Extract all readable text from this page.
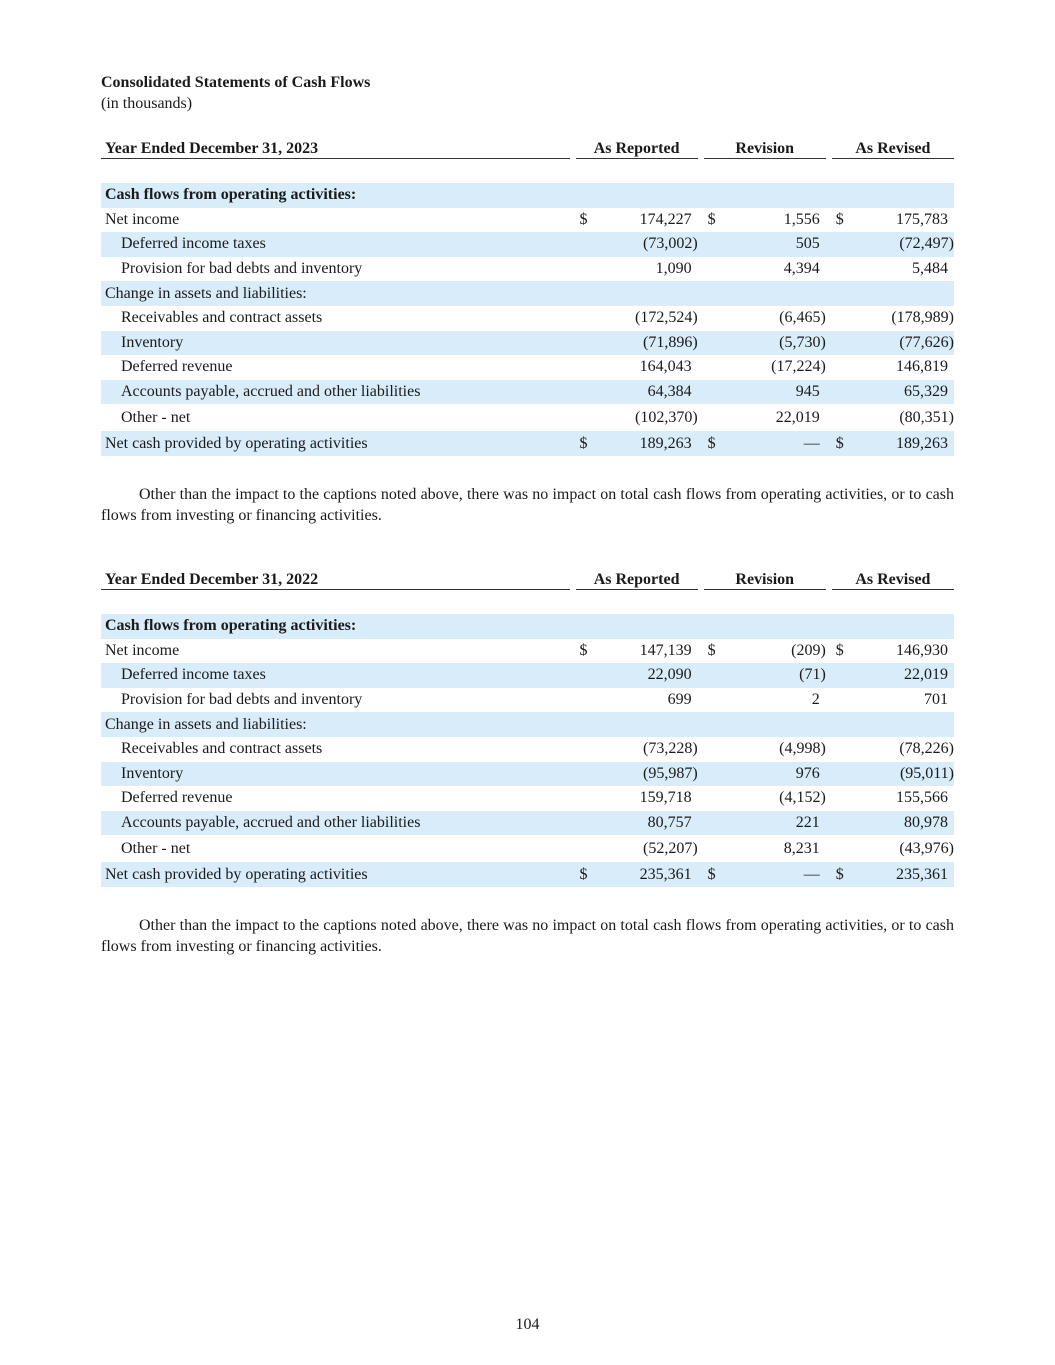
Consolidated Statements of Cash Flows
(in thousands)
Year Ended December 31, 2023		As Reported			Revision			As Revised	

Cash flows from operating activities:									
Net income		$	174,227		$	1,556		$	175,783
Deferred income taxes			(73,002)			505			(72,497)
Provision for bad debts and inventory			1,090			4,394			5,484
Change in assets and liabilities:									
Receivables and contract assets			(172,524)			(6,465)			(178,989)
Inventory			(71,896)			(5,730)			(77,626)
Deferred revenue			164,043			(17,224)			146,819
Accounts payable, accrued and other liabilities			64,384			945			65,329
Other - net			(102,370)			22,019			(80,351)
Net cash provided by operating activities		$	189,263		$	—		$	189,263
Other than the impact to the captions noted above, there was no impact on total cash flows from operating activities, or to cash flows from investing or financing activities.
Year Ended December 31, 2022		As Reported			Revision			As Revised	

Cash flows from operating activities:									
Net income		$	147,139		$	(209)		$	146,930
Deferred income taxes			22,090			(71)			22,019
Provision for bad debts and inventory			699			2			701
Change in assets and liabilities:									
Receivables and contract assets			(73,228)			(4,998)			(78,226)
Inventory			(95,987)			976			(95,011)
Deferred revenue			159,718			(4,152)			155,566
Accounts payable, accrued and other liabilities			80,757			221			80,978
Other - net			(52,207)			8,231			(43,976)
Net cash provided by operating activities		$	235,361		$	—		$	235,361
Other than the impact to the captions noted above, there was no impact on total cash flows from operating activities, or to cash flows from investing or financing activities.
104
